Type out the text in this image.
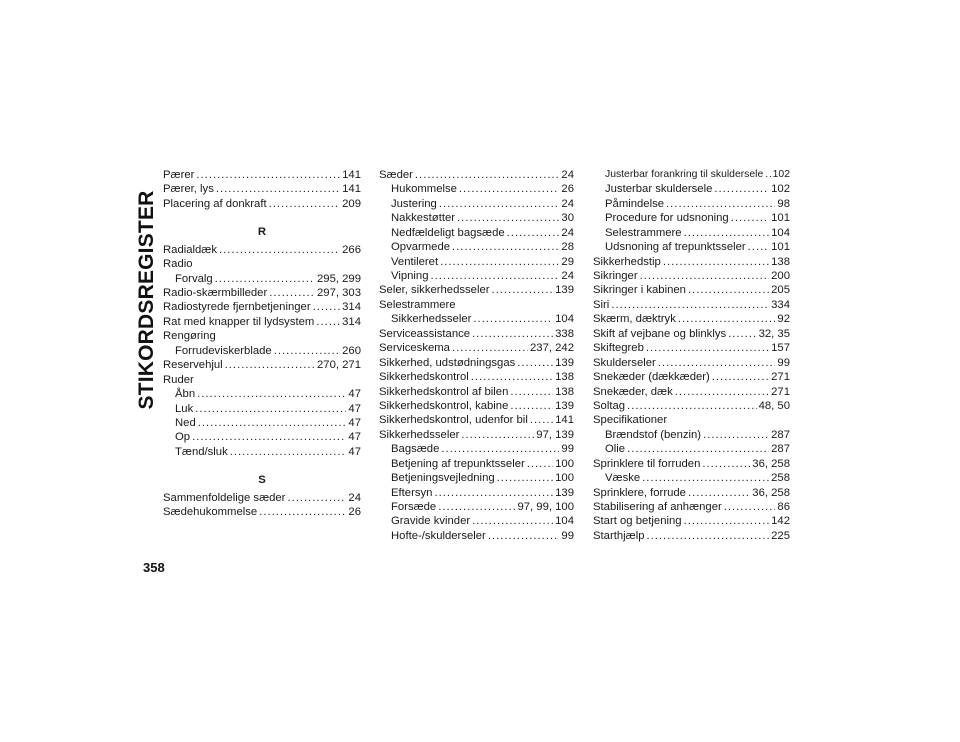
STIKORDSREGISTER
Pærer .....	141
Pærer, lys .....	141
Placering af donkraft .....	209
R
Radialdæk .....	266
Radio
Forvalg .....	295, 299
Radio-skærmbilleder .....	297, 303
Radiostyrede fjernbetjeninger .....	314
Rat med knapper til lydsystem ..... 314
Rengøring
Forrudeviskerblade .....	260
Reservehjul .....	270, 271
Ruder
Åbn .....	47
Luk .....	47
Ned .....	47
Op .....	47
Tænd/sluk .....	47
S
Sammenfoldelige sæder .....	24
Sædehukommelse .....	26
Sæder .....	24
Hukommelse .....	26
Justering .....	24
Nakkestøtter .....	30
Nedfældeligt bagsæde .....	24
Opvarmede .....	28
Ventileret .....	29
Vipning .....	24
Seler, sikkerhedsseler .....	139
Selestrammere
Sikkerhedsseler .....	104
Serviceassistance .....	338
Serviceskema .....	237, 242
Sikkerhed, udstødningsgas .....	139
Sikkerhedskontrol .....	138
Sikkerhedskontrol af bilen .....	138
Sikkerhedskontrol, kabine .....	139
Sikkerhedskontrol, udenfor bil ..... 141
Sikkerhedsseler .....	97, 139
Bagsæde .....	99
Betjening af trepunktsseler .....	100
Betjeningsvejledning .....	100
Eftersyn .....	139
Forsæde .....	97, 99, 100
Gravide kvinder .....	104
Hofte-/skulderseler .....	99
Justerbar forankring til skuldersele ..... 102
Justerbar skuldersele .....	102
Påmindelse .....	98
Procedure for udsnoning .....	101
Selestrammere .....	104
Udsnoning af trepunktsseler ..... 101
Sikkerhedstip .....	138
Sikringer .....	200
Sikringer i kabinen .....	205
Siri .....	334
Skærm, dæktryk .....	92
Skift af vejbane og blinklys .....	32, 35
Skiftegreb .....	157
Skulderseler .....	99
Snekæder (dækkæder) .....	271
Snekæder, dæk .....	271
Soltag .....	48, 50
Specifikationer
Brændstof (benzin) .....	287
Olie .....	287
Sprinklere til forruden .....	36, 258
Væske .....	258
Sprinklere, forrude .....	36, 258
Stabilisering af anhænger .....	86
Start og betjening .....	142
Starthjælp .....	225
358
